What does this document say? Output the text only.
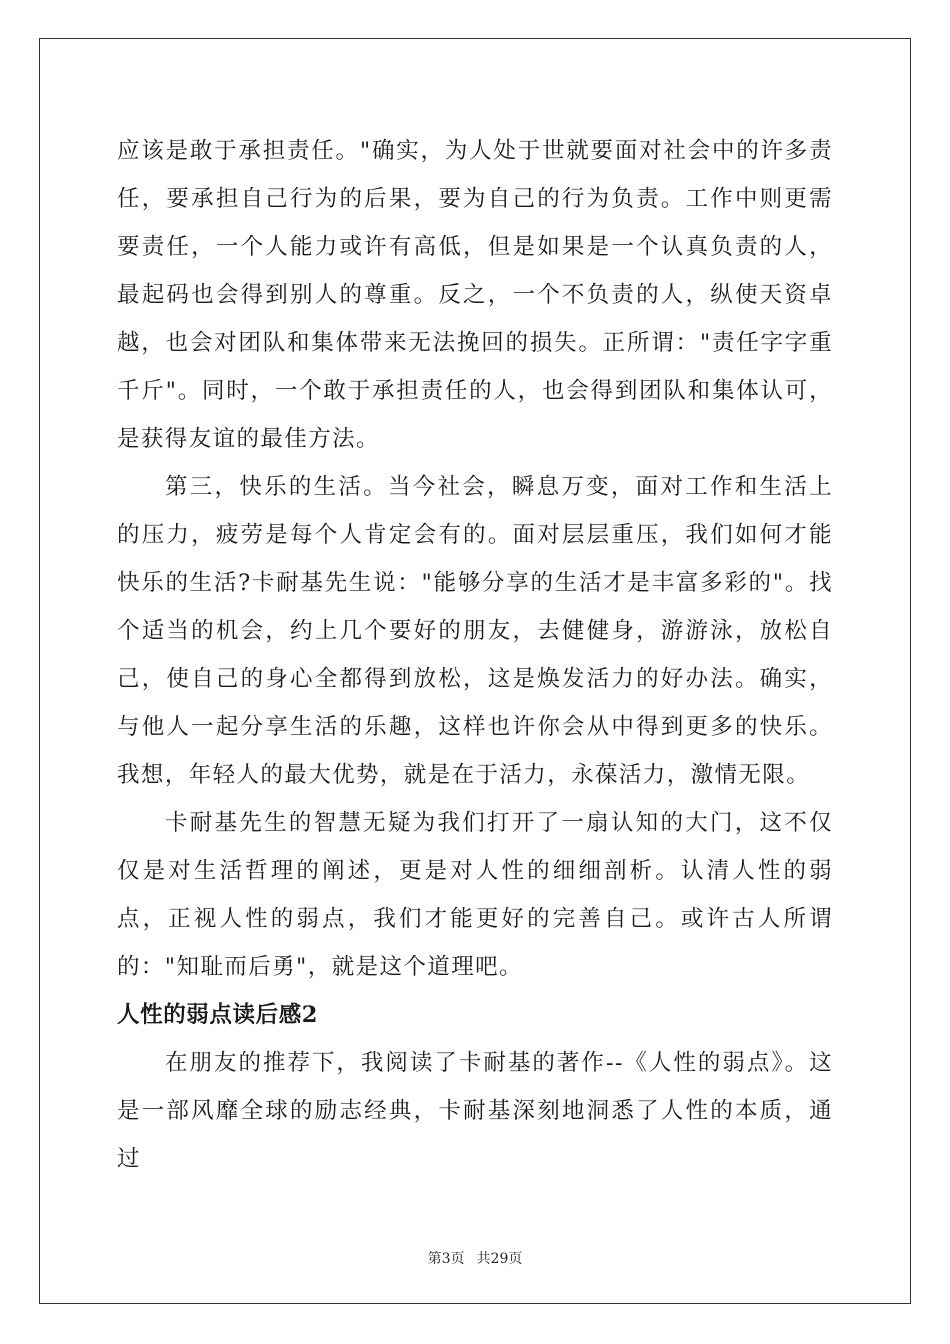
应该是敢于承担责任。"确实，为人处于世就要面对社会中的许多责任，要承担自己行为的后果，要为自己的行为负责。工作中则更需要责任，一个人能力或许有高低，但是如果是一个认真负责的人，最起码也会得到别人的尊重。反之，一个不负责的人，纵使天资卓越，也会对团队和集体带来无法挽回的损失。正所谓："责任字字重千斤"。同时，一个敢于承担责任的人，也会得到团队和集体认可，是获得友谊的最佳方法。

第三，快乐的生活。当今社会，瞬息万变，面对工作和生活上的压力，疲劳是每个人肯定会有的。面对层层重压，我们如何才能快乐的生活?卡耐基先生说："能够分享的生活才是丰富多彩的"。找个适当的机会，约上几个要好的朋友，去健健身，游游泳，放松自己，使自己的身心全都得到放松，这是焕发活力的好办法。确实，与他人一起分享生活的乐趣，这样也许你会从中得到更多的快乐。我想，年轻人的最大优势，就是在于活力，永葆活力，激情无限。

卡耐基先生的智慧无疑为我们打开了一扇认知的大门，这不仅仅是对生活哲理的阐述，更是对人性的细细剖析。认清人性的弱点，正视人性的弱点，我们才能更好的完善自己。或许古人所谓的："知耻而后勇"，就是这个道理吧。

人性的弱点读后感2

在朋友的推荐下，我阅读了卡耐基的著作--《人性的弱点》。这是一部风靡全球的励志经典，卡耐基深刻地洞悉了人性的本质，通过

第3页 共29页
